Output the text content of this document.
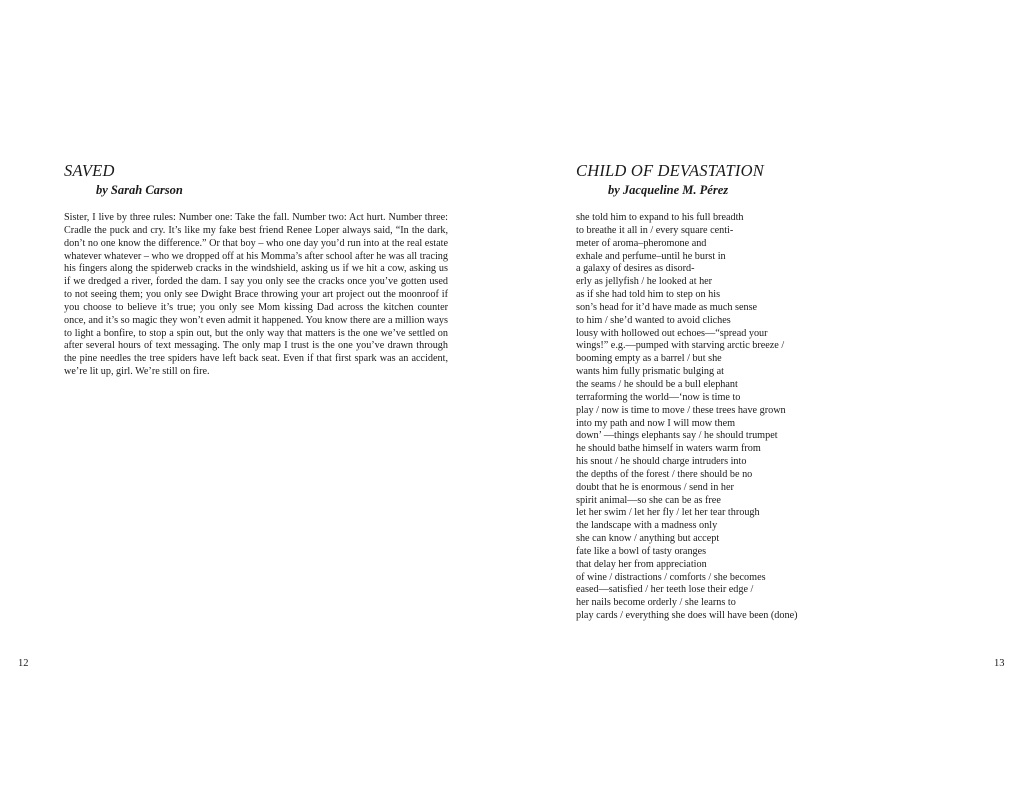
SAVED
by Sarah Carson

Sister, I live by three rules: Number one: Take the fall. Number two: Act hurt. Number three: Cradle the puck and cry. It’s like my fake best friend Renee Loper always said, “In the dark, don’t no one know the difference.” Or that boy – who one day you’d run into at the real estate whatever whatever – who we dropped off at his Momma’s after school after he was all tracing his fingers along the spiderweb cracks in the windshield, asking us if we hit a cow, asking us if we dredged a river, forded the dam. I say you only see the cracks once you’ve gotten used to not seeing them; you only see Dwight Brace throwing your art project out the moonroof if you choose to believe it’s true; you only see Mom kissing Dad across the kitchen counter once, and it’s so magic they won’t even admit it happened. You know there are a million ways to light a bonfire, to stop a spin out, but the only way that matters is the one we’ve settled on after several hours of text messaging. The only map I trust is the one you’ve drawn through the pine needles the tree spiders have left back seat. Even if that first spark was an accident, we’re lit up, girl. We’re still on fire.

12

CHILD OF DEVASTATION
by Jacqueline M. Pérez
she told him to expand to his full breadth
to breathe it all in / every square centi-
meter of aroma–pheromone and
exhale and perfume–until he burst in
a galaxy of desires as disord-
erly as jellyfish / he looked at her
as if she had told him to step on his
son’s head for it’d have made as much sense
to him / she’d wanted to avoid cliches
lousy with hollowed out echoes—“spread your
wings!” e.g.—pumped with starving arctic breeze /
booming empty as a barrel / but she
wants him fully prismatic bulging at
the seams / he should be a bull elephant
terraforming the world—‘now is time to
play / now is time to move / these trees have grown
into my path and now I will mow them
down’ —things elephants say / he should trumpet
he should bathe himself in waters warm from
his snout / he should charge intruders into
the depths of the forest / there should be no
doubt that he is enormous / send in her
spirit animal—so she can be as free
let her swim / let her fly / let her tear through
the landscape with a madness only
she can know / anything but accept
fate like a bowl of tasty oranges
that delay her from appreciation
of wine / distractions / comforts / she becomes
eased—satisfied / her teeth lose their edge /
her nails become orderly / she learns to
play cards / everything she does will have been (done)

13
